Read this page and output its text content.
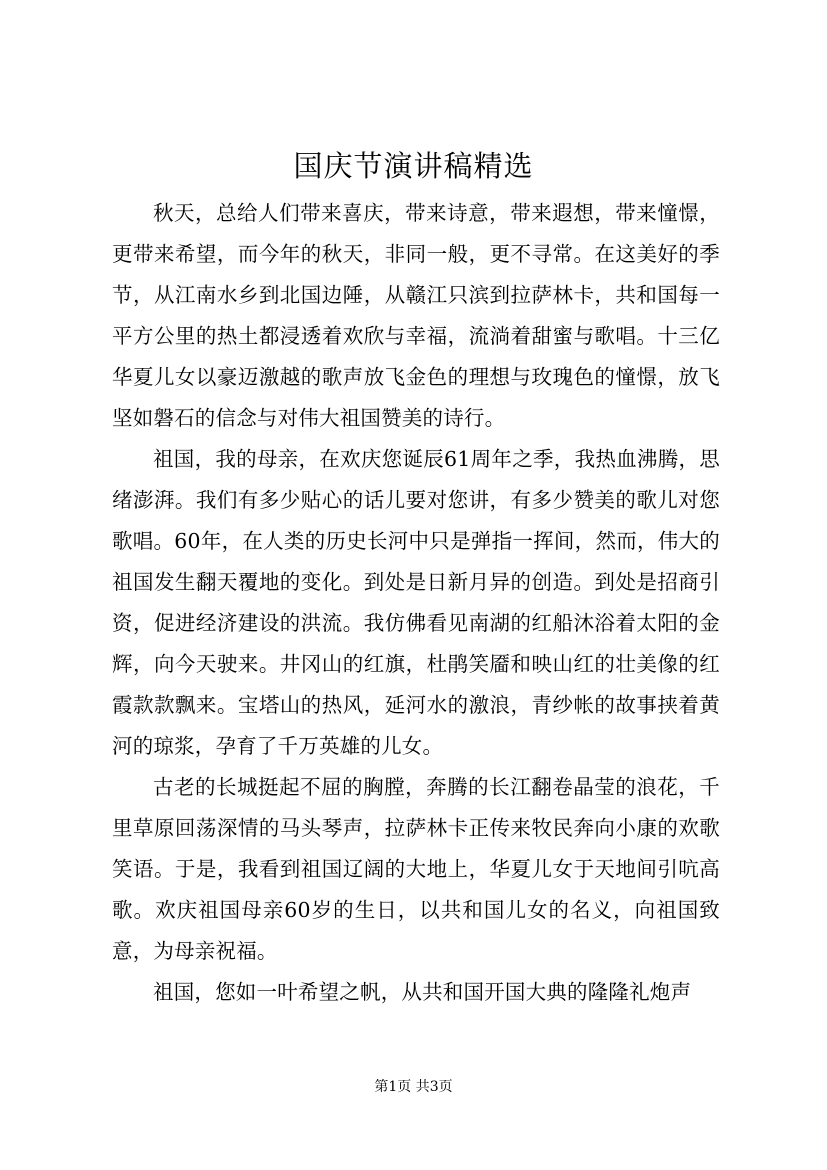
国庆节演讲稿精选

秋天，总给人们带来喜庆，带来诗意，带来遐想，带来憧憬，更带来希望，而今年的秋天，非同一般，更不寻常。在这美好的季节，从江南水乡到北国边陲，从赣江只滨到拉萨林卡，共和国每一平方公里的热土都浸透着欢欣与幸福，流淌着甜蜜与歌唱。十三亿华夏儿女以豪迈激越的歌声放飞金色的理想与玫瑰色的憧憬，放飞坚如磐石的信念与对伟大祖国赞美的诗行。

祖国，我的母亲，在欢庆您诞辰61周年之季，我热血沸腾，思绪澎湃。我们有多少贴心的话儿要对您讲，有多少赞美的歌儿对您歌唱。60年，在人类的历史长河中只是弹指一挥间，然而，伟大的祖国发生翻天覆地的变化。到处是日新月异的创造。到处是招商引资，促进经济建设的洪流。我仿佛看见南湖的红船沐浴着太阳的金辉，向今天驶来。井冈山的红旗，杜鹃笑靥和映山红的壮美像的红霞款款飘来。宝塔山的热风，延河水的激浪，青纱帐的故事挟着黄河的琼浆，孕育了千万英雄的儿女。

古老的长城挺起不屈的胸膛，奔腾的长江翻卷晶莹的浪花，千里草原回荡深情的马头琴声，拉萨林卡正传来牧民奔向小康的欢歌笑语。于是，我看到祖国辽阔的大地上，华夏儿女于天地间引吭高歌。欢庆祖国母亲60岁的生日，以共和国儿女的名义，向祖国致意，为母亲祝福。

祖国，您如一叶希望之帆，从共和国开国大典的隆隆礼炮声

第1页 共3页
